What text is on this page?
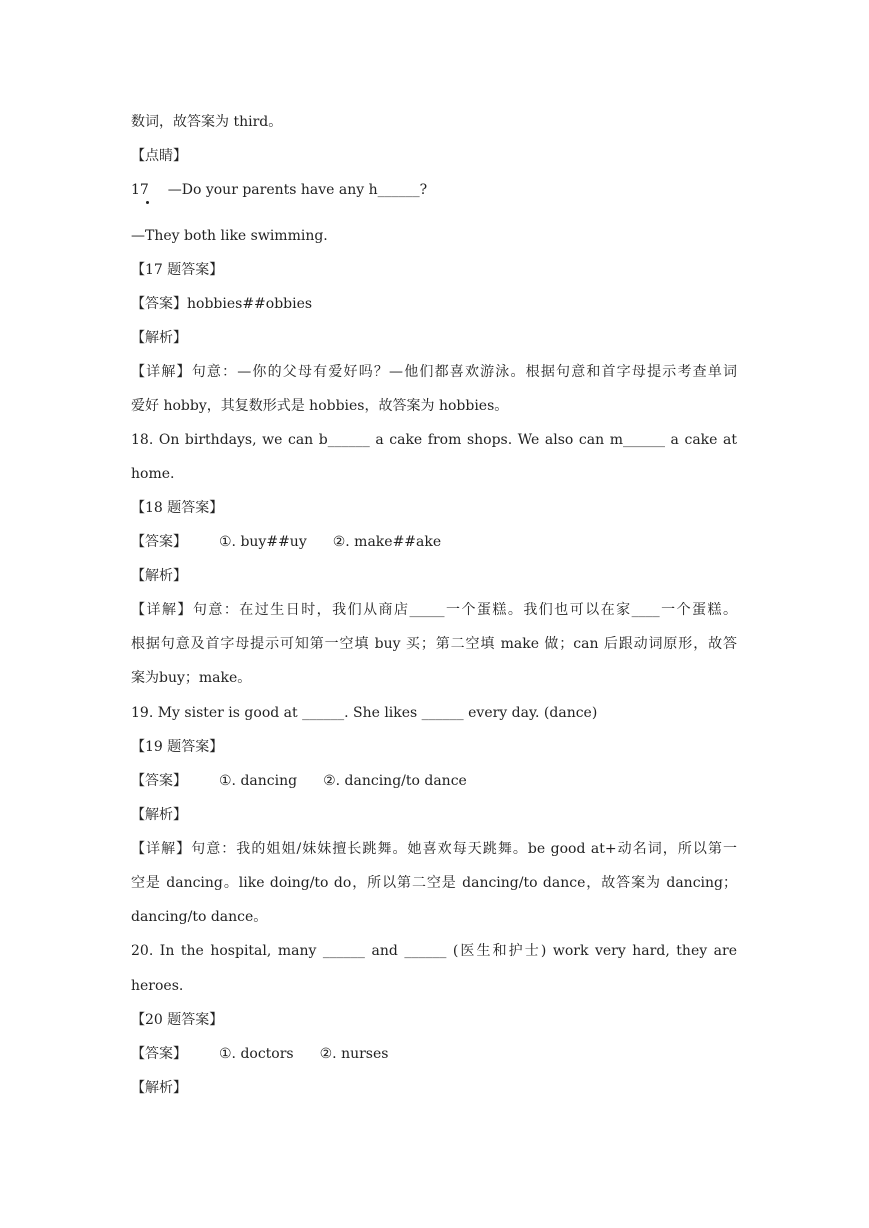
数词，故答案为 third。
【点睛】
17 —Do your parents have any h______?
—They both like swimming.
【17 题答案】
【答案】hobbies##obbies
【解析】
【详解】句意：—你的父母有爱好吗？—他们都喜欢游泳。根据句意和首字母提示考查单词
爱好 hobby，其复数形式是 hobbies，故答案为 hobbies。
18. On birthdays, we can b______ a cake from shops. We also can m______ a cake at
home.
【18 题答案】
【答案】 ①. buy##uy ②. make##ake
【解析】
【详解】句意：在过生日时，我们从商店_____一个蛋糕。我们也可以在家____一个蛋糕。
根据句意及首字母提示可知第一空填 buy 买；第二空填 make 做；can 后跟动词原形，故答
案为buy；make。
19. My sister is good at ______. She likes ______ every day. (dance)
【19 题答案】
【答案】 ①. dancing ②. dancing/to dance
【解析】
【详解】句意：我的姐姐/妹妹擅长跳舞。她喜欢每天跳舞。be good at+动名词，所以第一
空是 dancing。like doing/to do，所以第二空是 dancing/to dance，故答案为 dancing；
dancing/to dance。
20. In the hospital, many ______ and ______ (医生和护士) work very hard, they are
heroes.
【20 题答案】
【答案】 ①. doctors ②. nurses
【解析】
